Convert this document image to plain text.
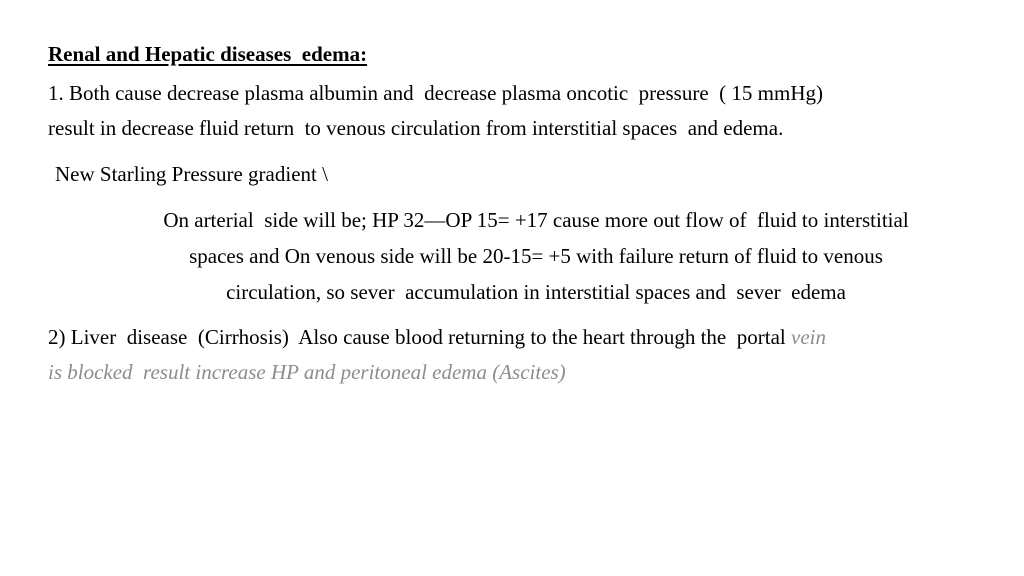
Renal and Hepatic diseases  edema:
1. Both cause decrease plasma albumin and  decrease plasma oncotic  pressure  ( 15 mmHg)
result in decrease fluid return  to venous circulation from interstitial spaces  and edema.
New Starling Pressure gradient \
On arterial  side will be; HP 32—OP 15= +17 cause more out flow of  fluid to interstitial
spaces and On venous side will be 20-15= +5 with failure return of fluid to venous
circulation, so sever  accumulation in interstitial spaces and  sever  edema
2) Liver  disease  (Cirrhosis)  Also cause blood returning to the heart through the  portal vein
is blocked  result increase HP and peritoneal edema (Ascites)
